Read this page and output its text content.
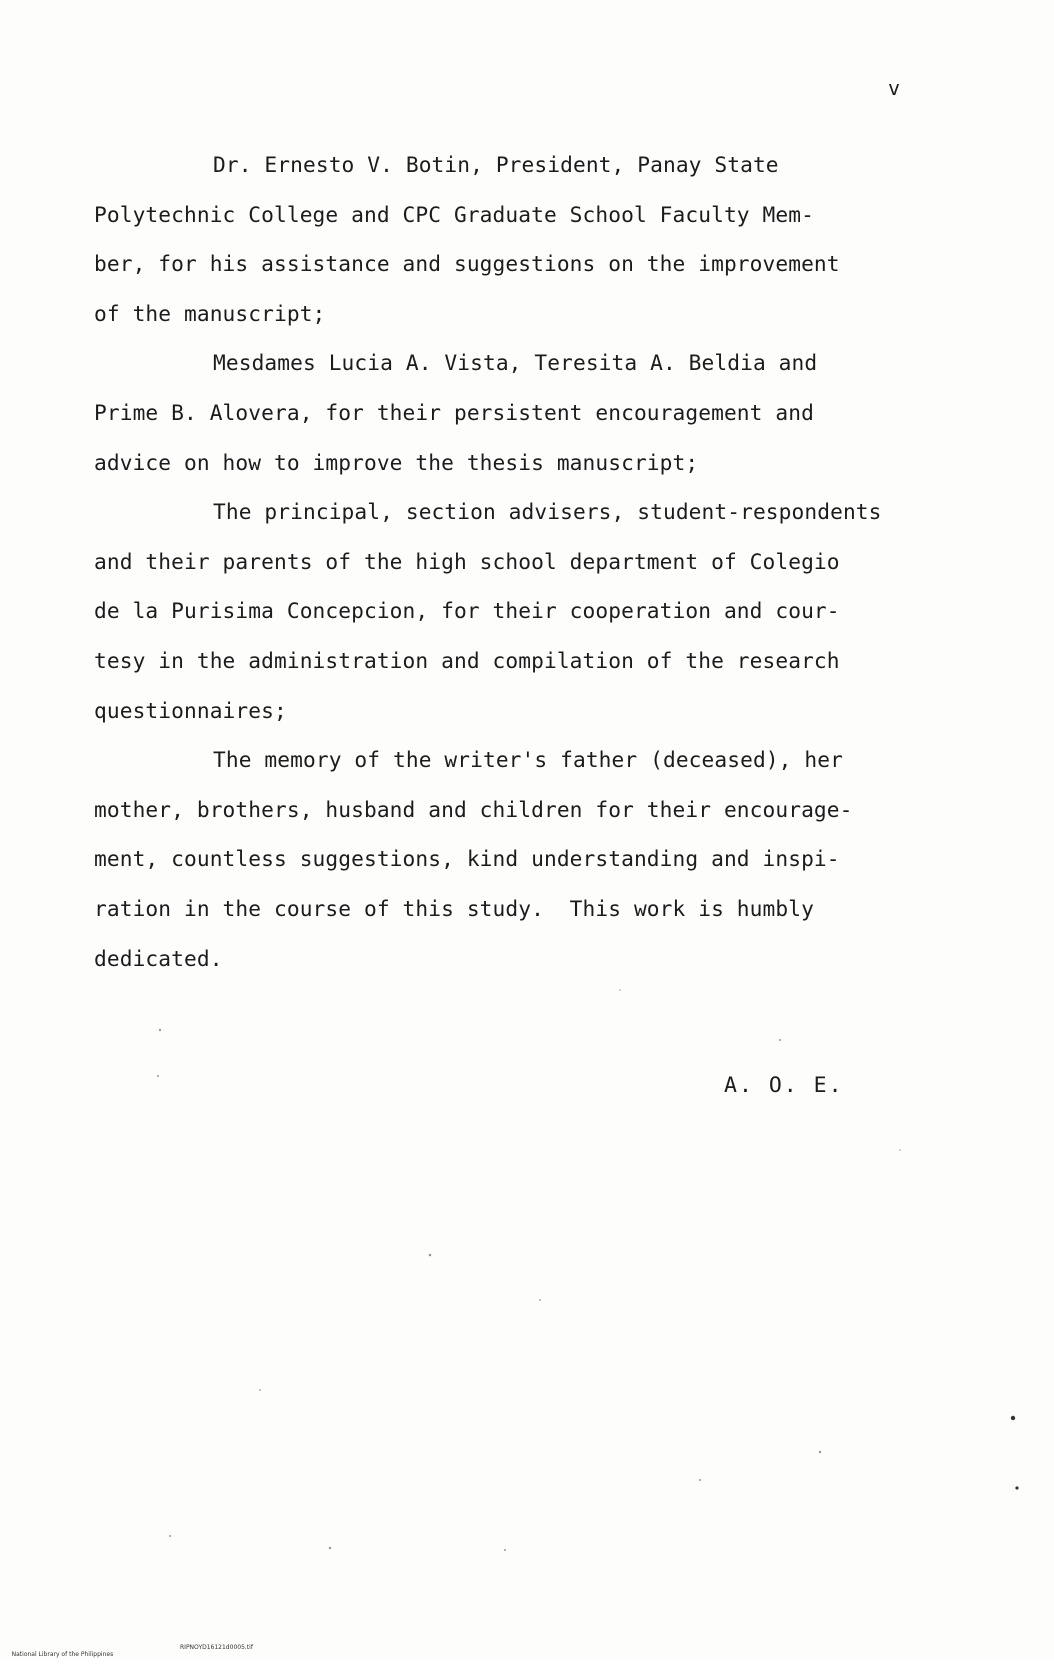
v
Dr. Ernesto V. Botin, President, Panay State
Polytechnic College and CPC Graduate School Faculty Mem-
ber, for his assistance and suggestions on the improvement
of the manuscript;
Mesdames Lucia A. Vista, Teresita A. Beldia and
Prime B. Alovera, for their persistent encouragement and
advice on how to improve the thesis manuscript;
The principal, section advisers, student-respondents
and their parents of the high school department of Colegio
de la Purisima Concepcion, for their cooperation and cour-
tesy in the administration and compilation of the research
questionnaires;
The memory of the writer's father (deceased), her
mother, brothers, husband and children for their encourage-
ment, countless suggestions, kind understanding and inspi-
ration in the course of this study.  This work is humbly
dedicated.
A. O. E.

National Library of the Philippines

RIPNOYD16121d0005.tif
